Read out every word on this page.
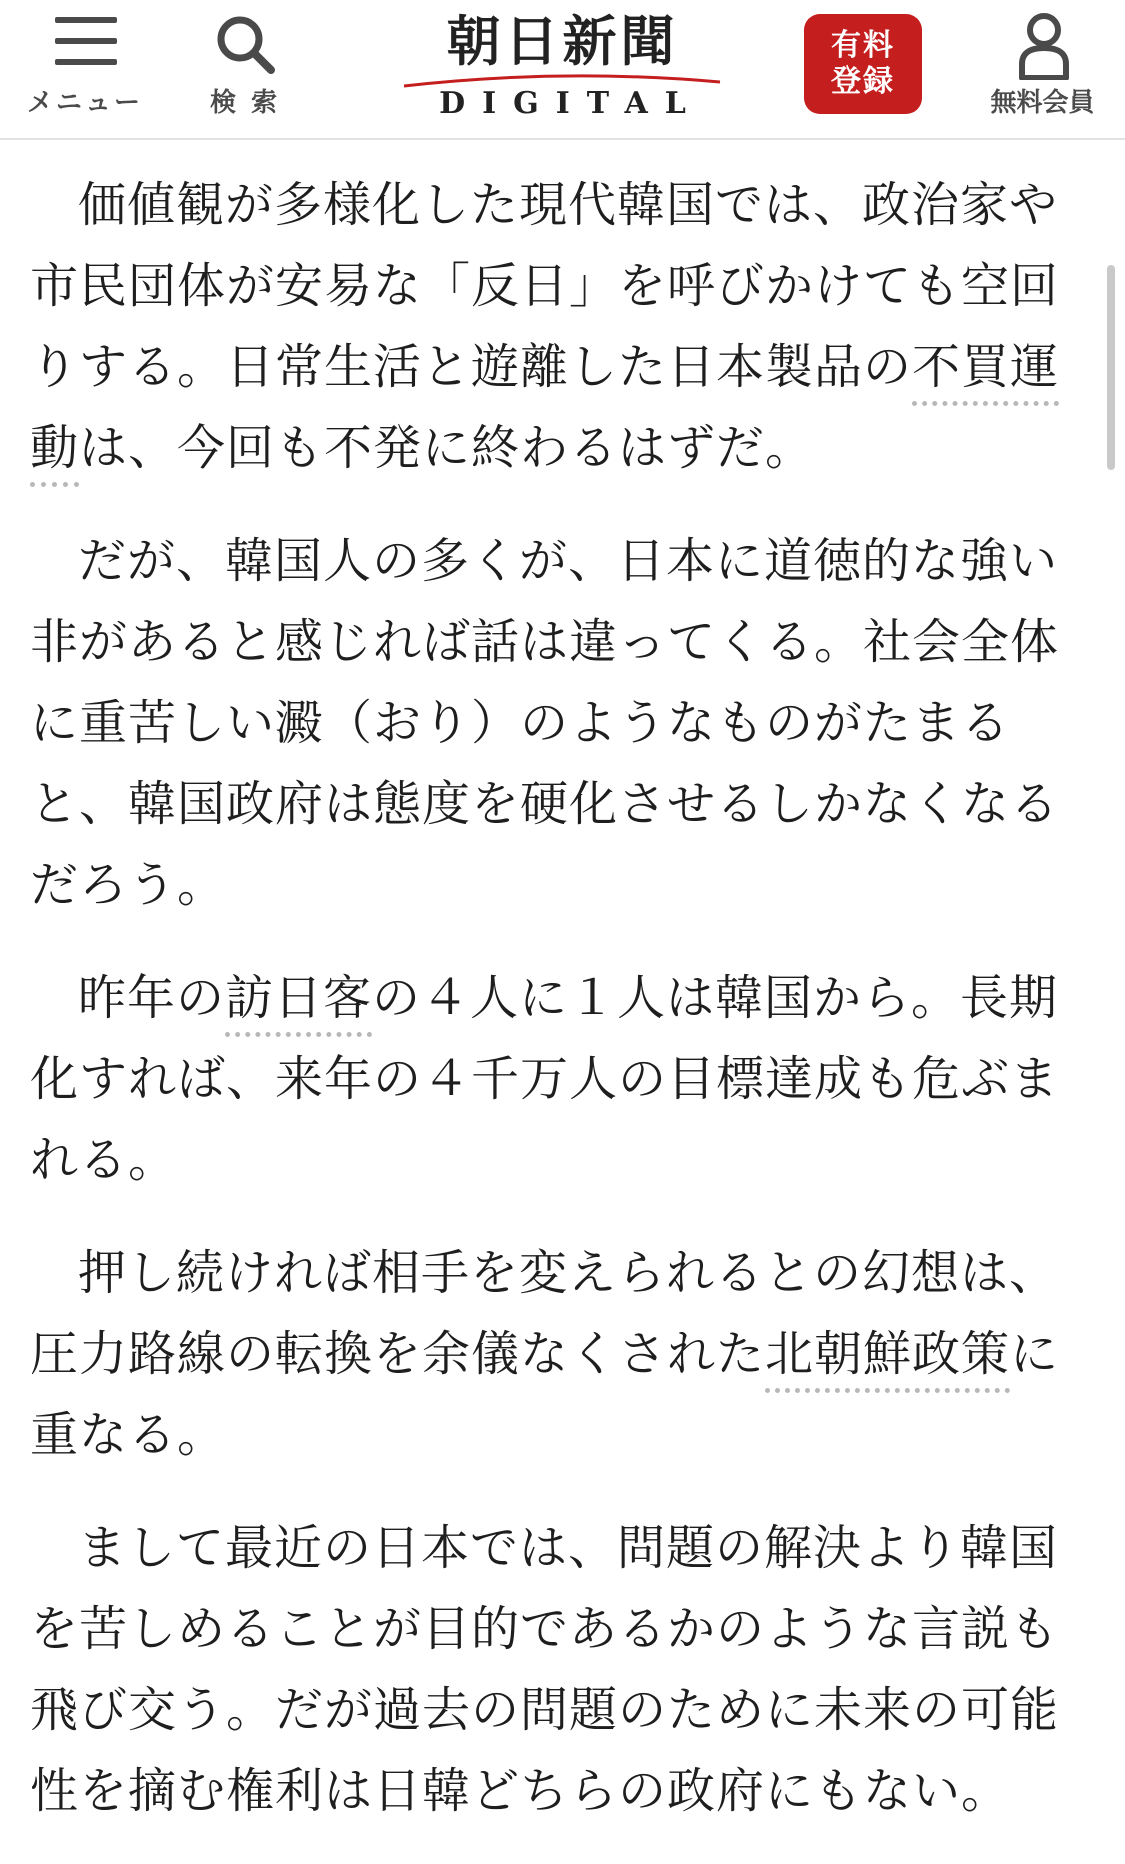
メニュー	検 索
朝日新聞
DIGITAL
有料
登録
無料会員

価値観が多様化した現代韓国では、政治家や市民団体が安易な「反日」を呼びかけても空回りする。日常生活と遊離した日本製品の不買運動は、今回も不発に終わるはずだ。

だが、韓国人の多くが、日本に道徳的な強い非があると感じれば話は違ってくる。社会全体に重苦しい澱（おり）のようなものがたまると、韓国政府は態度を硬化させるしかなくなるだろう。

昨年の訪日客の４人に１人は韓国から。長期化すれば、来年の４千万人の目標達成も危ぶまれる。

押し続ければ相手を変えられるとの幻想は、圧力路線の転換を余儀なくされた北朝鮮政策に重なる。

まして最近の日本では、問題の解決より韓国を苦しめることが目的であるかのような言説も飛び交う。だが過去の問題のために未来の可能性を摘む権利は日韓どちらの政府にもない。
